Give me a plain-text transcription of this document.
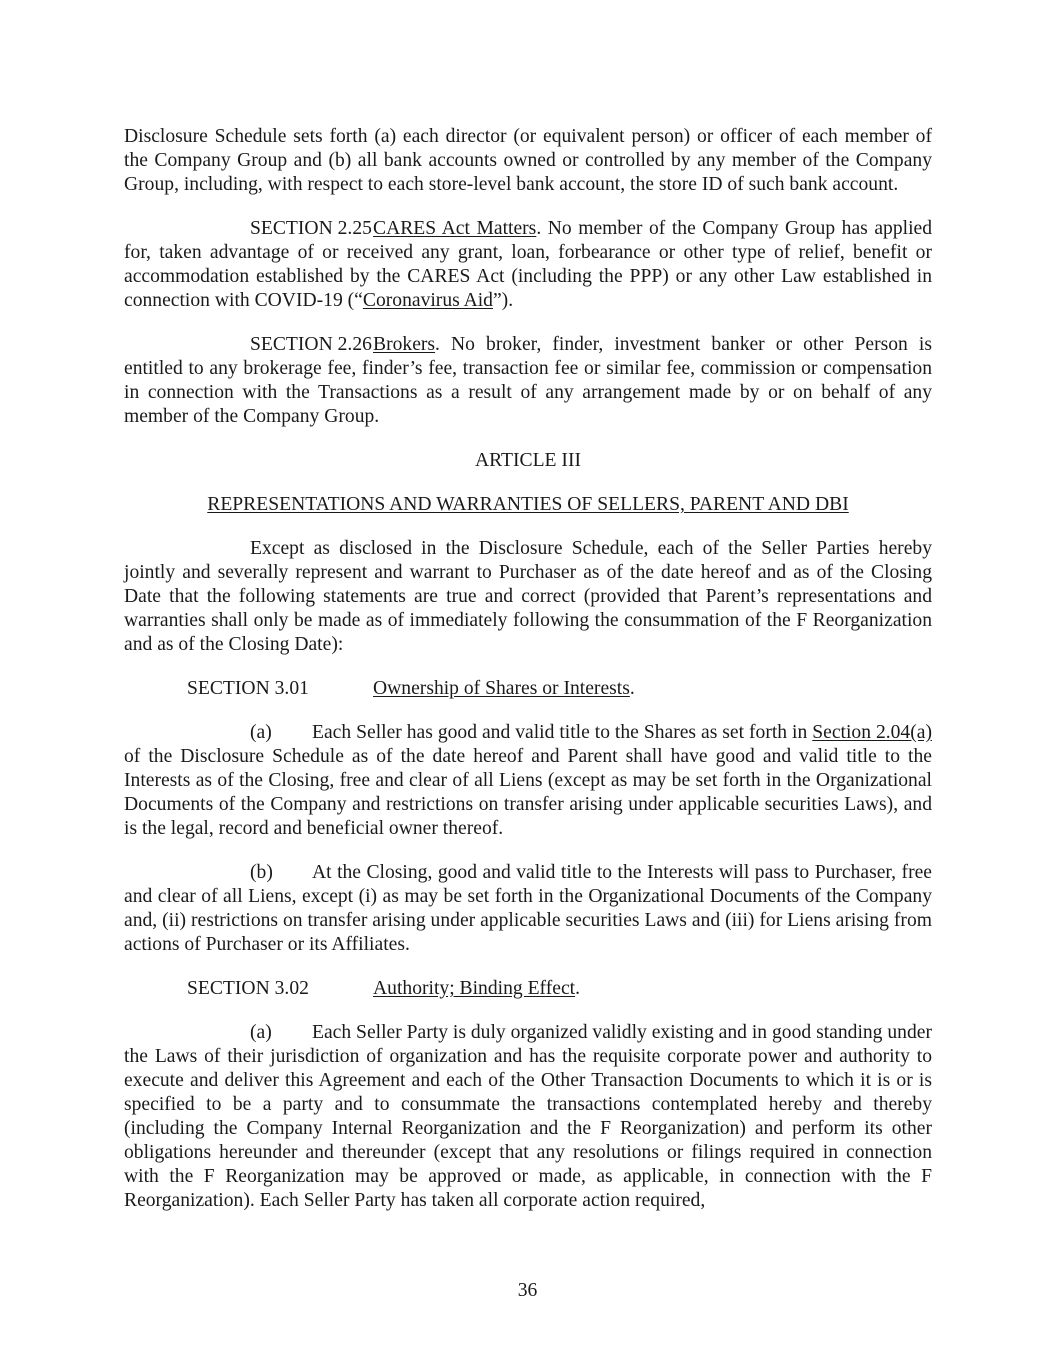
Disclosure Schedule sets forth (a) each director (or equivalent person) or officer of each member of the Company Group and (b) all bank accounts owned or controlled by any member of the Company Group, including, with respect to each store-level bank account, the store ID of such bank account.

SECTION 2.25CARES Act Matters. No member of the Company Group has applied for, taken advantage of or received any grant, loan, forbearance or other type of relief, benefit or accommodation established by the CARES Act (including the PPP) or any other Law established in connection with COVID-19 (“Coronavirus Aid”).

SECTION 2.26Brokers. No broker, finder, investment banker or other Person is entitled to any brokerage fee, finder’s fee, transaction fee or similar fee, commission or compensation in connection with the Transactions as a result of any arrangement made by or on behalf of any member of the Company Group.

ARTICLE III

REPRESENTATIONS AND WARRANTIES OF SELLERS, PARENT AND DBI

Except as disclosed in the Disclosure Schedule, each of the Seller Parties hereby jointly and severally represent and warrant to Purchaser as of the date hereof and as of the Closing Date that the following statements are true and correct (provided that Parent’s representations and warranties shall only be made as of immediately following the consummation of the F Reorganization and as of the Closing Date):

SECTION 3.01	Ownership of Shares or Interests.

(a) Each Seller has good and valid title to the Shares as set forth in Section 2.04(a) of the Disclosure Schedule as of the date hereof and Parent shall have good and valid title to the Interests as of the Closing, free and clear of all Liens (except as may be set forth in the Organizational Documents of the Company and restrictions on transfer arising under applicable securities Laws), and is the legal, record and beneficial owner thereof.

(b) At the Closing, good and valid title to the Interests will pass to Purchaser, free and clear of all Liens, except (i) as may be set forth in the Organizational Documents of the Company and, (ii) restrictions on transfer arising under applicable securities Laws and (iii) for Liens arising from actions of Purchaser or its Affiliates.

SECTION 3.02	Authority; Binding Effect.

(a) Each Seller Party is duly organized validly existing and in good standing under the Laws of their jurisdiction of organization and has the requisite corporate power and authority to execute and deliver this Agreement and each of the Other Transaction Documents to which it is or is specified to be a party and to consummate the transactions contemplated hereby and thereby (including the Company Internal Reorganization and the F Reorganization) and perform its other obligations hereunder and thereunder (except that any resolutions or filings required in connection with the F Reorganization may be approved or made, as applicable, in connection with the F Reorganization). Each Seller Party has taken all corporate action required,

36
